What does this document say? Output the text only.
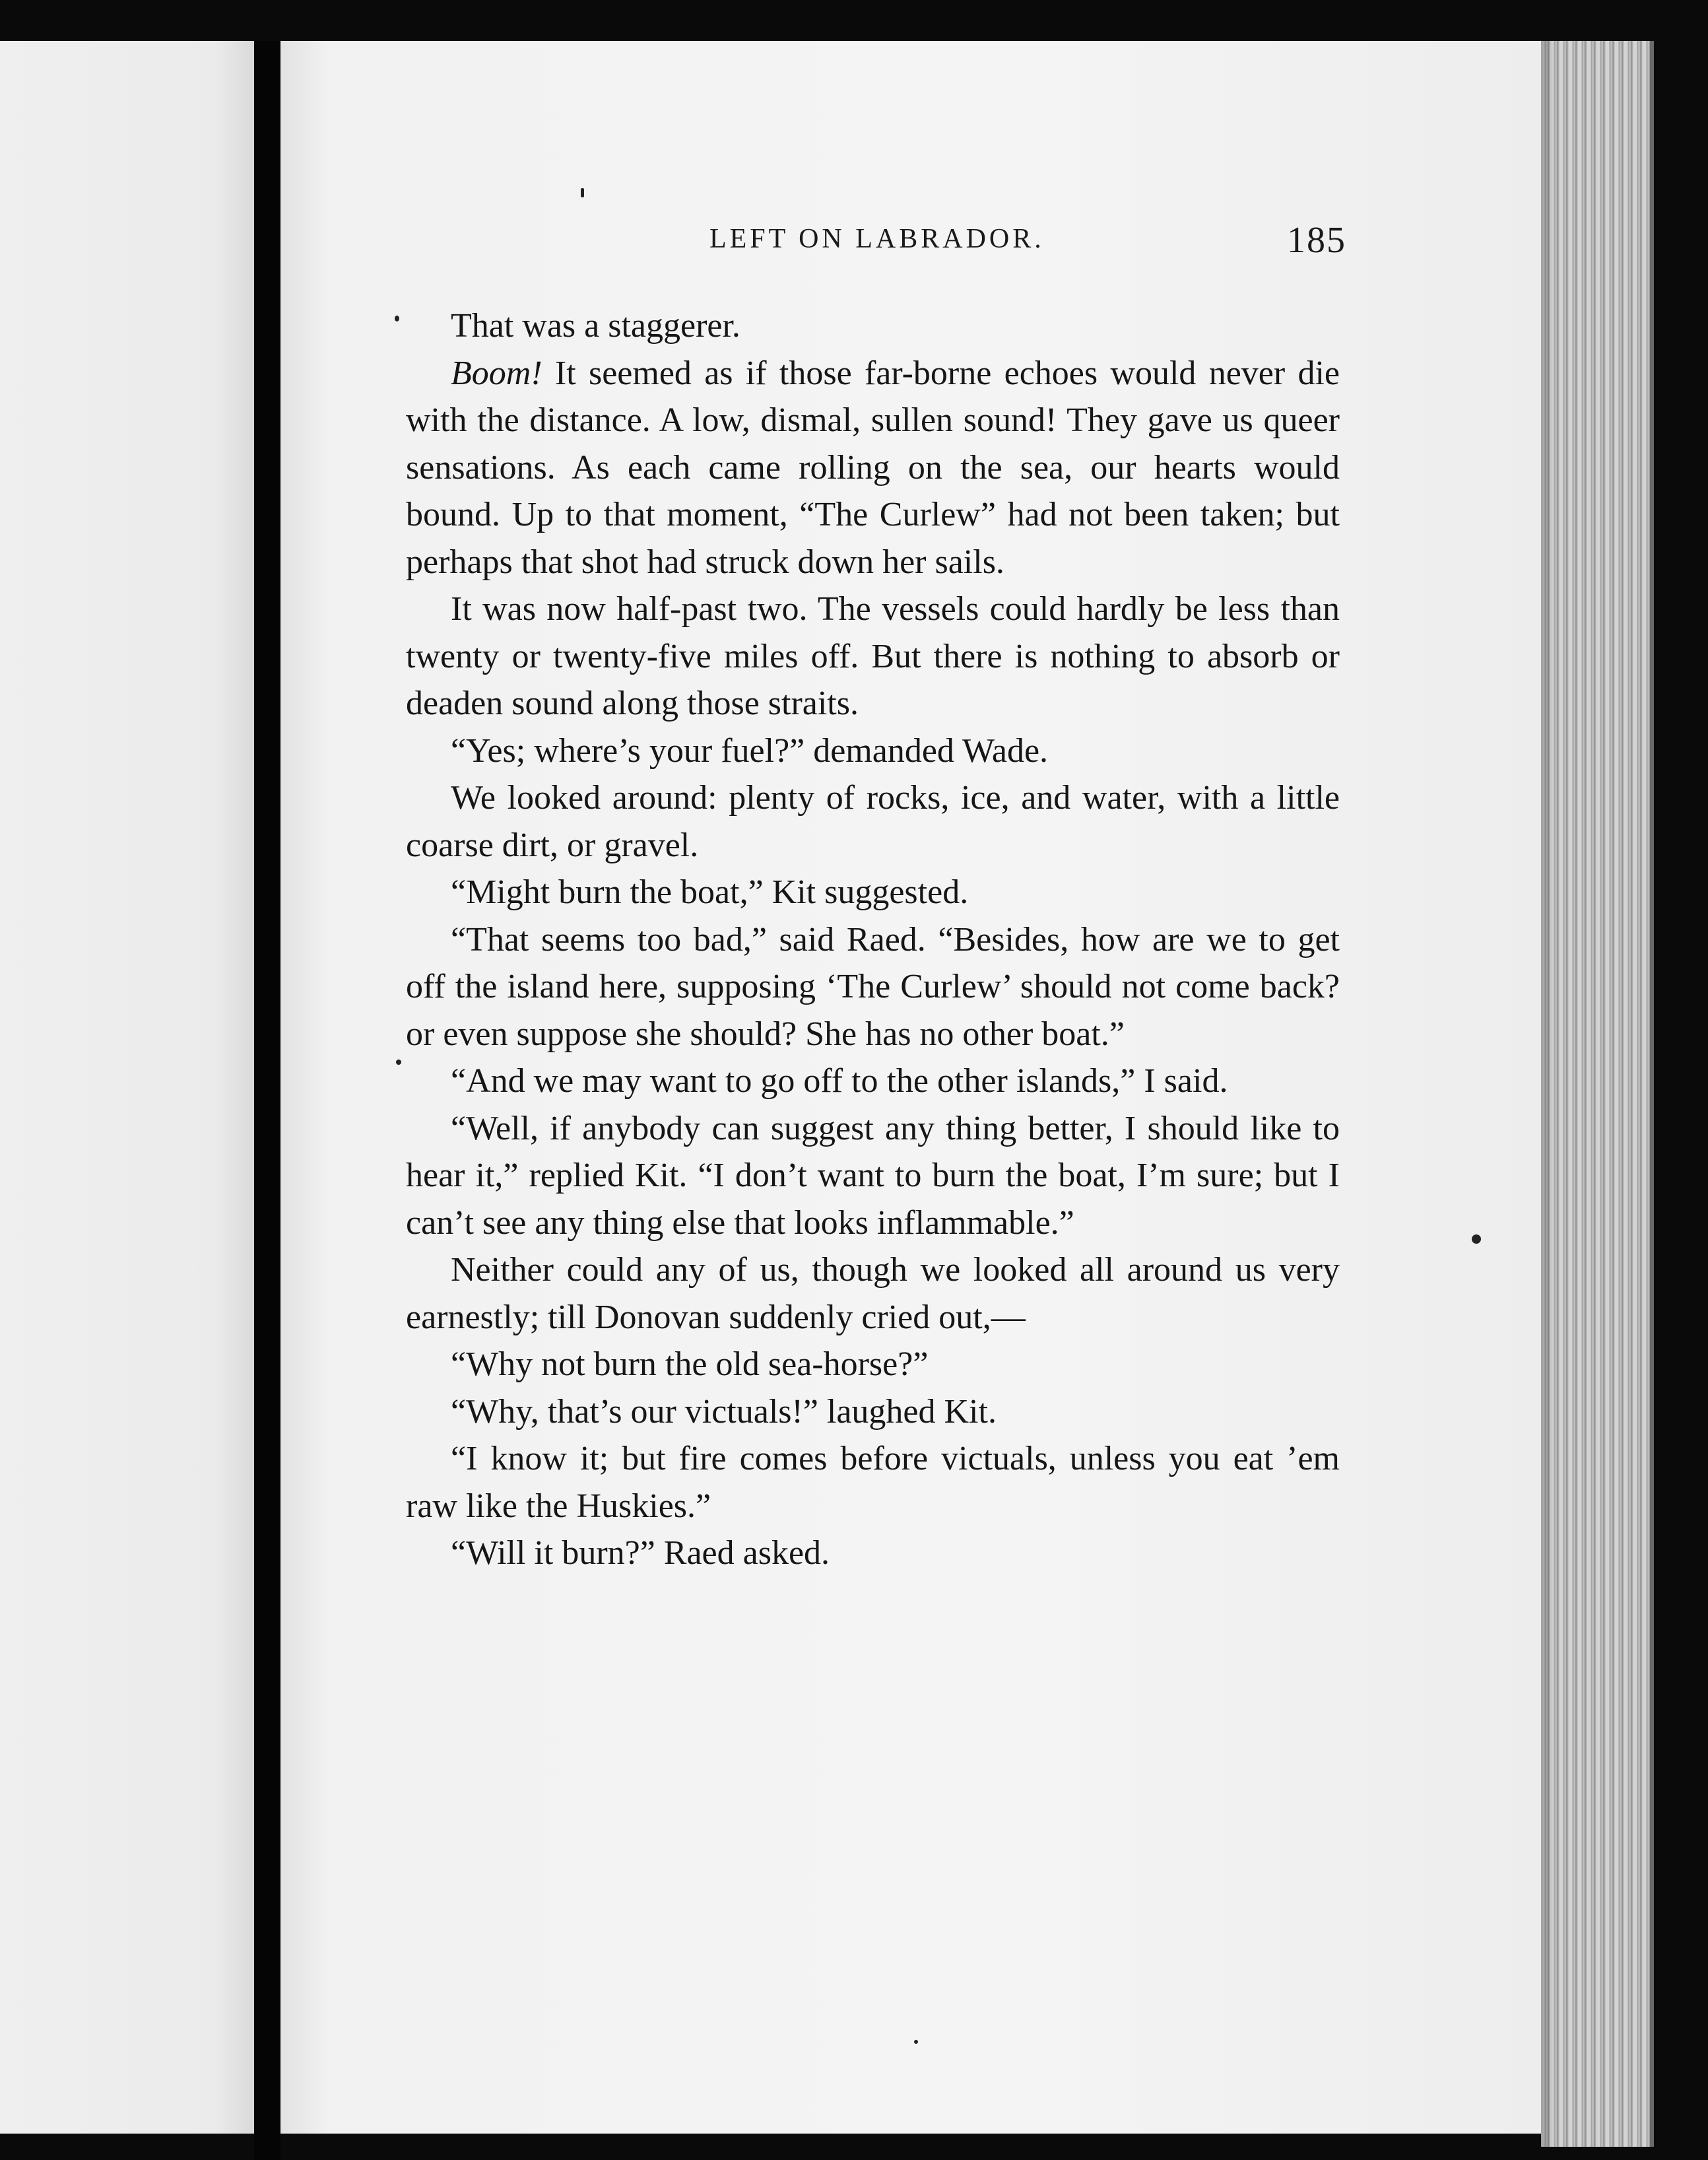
LEFT ON LABRADOR.	185

That was a staggerer.

Boom! It seemed as if those far-borne echoes would never die with the distance. A low, dismal, sullen sound! They gave us queer sensations. As each came rolling on the sea, our hearts would bound. Up to that moment, “The Curlew” had not been taken; but perhaps that shot had struck down her sails.

It was now half-past two. The vessels could hardly be less than twenty or twenty-five miles off. But there is nothing to absorb or deaden sound along those straits.

“Yes; where’s your fuel?” demanded Wade.

We looked around: plenty of rocks, ice, and water, with a little coarse dirt, or gravel.

“Might burn the boat,” Kit suggested.

“That seems too bad,” said Raed. “Besides, how are we to get off the island here, supposing ‘The Curlew’ should not come back? or even suppose she should? She has no other boat.”

“And we may want to go off to the other islands,” I said.

“Well, if anybody can suggest any thing better, I should like to hear it,” replied Kit. “I don’t want to burn the boat, I’m sure; but I can’t see any thing else that looks inflammable.”

Neither could any of us, though we looked all around us very earnestly; till Donovan suddenly cried out,—

“Why not burn the old sea-horse?”

“Why, that’s our victuals!” laughed Kit.

“I know it; but fire comes before victuals, unless you eat ’em raw like the Huskies.”

“Will it burn?” Raed asked.
